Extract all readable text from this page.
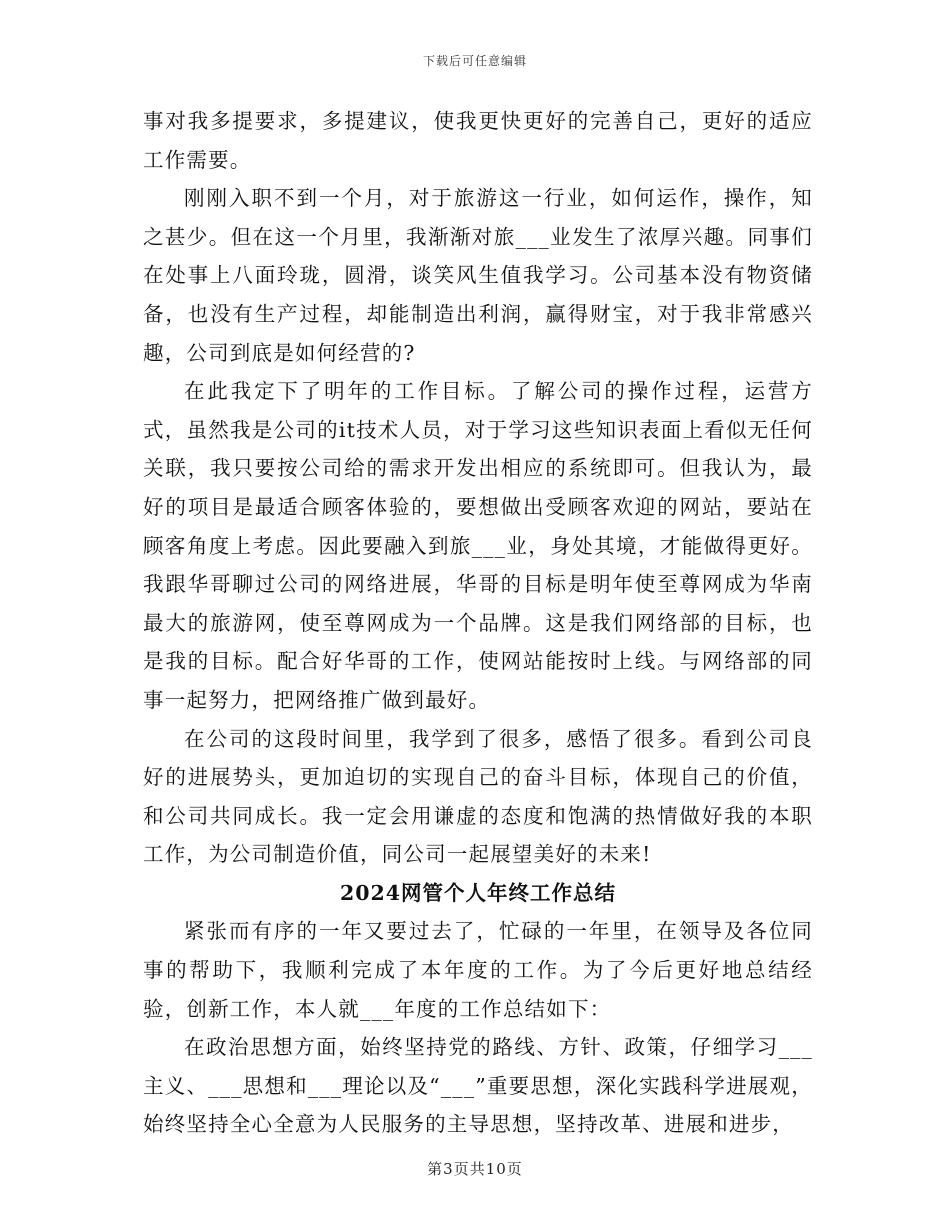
下载后可任意编辑

事对我多提要求，多提建议，使我更快更好的完善自己，更好的适应工作需要。

刚刚入职不到一个月，对于旅游这一行业，如何运作，操作，知之甚少。但在这一个月里，我渐渐对旅___业发生了浓厚兴趣。同事们在处事上八面玲珑，圆滑，谈笑风生值我学习。公司基本没有物资储备，也没有生产过程，却能制造出利润，赢得财宝，对于我非常感兴趣，公司到底是如何经营的?

在此我定下了明年的工作目标。了解公司的操作过程，运营方式，虽然我是公司的it技术人员，对于学习这些知识表面上看似无任何关联，我只要按公司给的需求开发出相应的系统即可。但我认为，最好的项目是最适合顾客体验的，要想做出受顾客欢迎的网站，要站在顾客角度上考虑。因此要融入到旅___业，身处其境，才能做得更好。我跟华哥聊过公司的网络进展，华哥的目标是明年使至尊网成为华南最大的旅游网，使至尊网成为一个品牌。这是我们网络部的目标，也是我的目标。配合好华哥的工作，使网站能按时上线。与网络部的同事一起努力，把网络推广做到最好。

在公司的这段时间里，我学到了很多，感悟了很多。看到公司良好的进展势头，更加迫切的实现自己的奋斗目标，体现自己的价值，和公司共同成长。我一定会用谦虚的态度和饱满的热情做好我的本职工作，为公司制造价值，同公司一起展望美好的未来!

2024网管个人年终工作总结

紧张而有序的一年又要过去了，忙碌的一年里，在领导及各位同事的帮助下，我顺利完成了本年度的工作。为了今后更好地总结经验，创新工作，本人就___年度的工作总结如下：

在政治思想方面，始终坚持党的路线、方针、政策，仔细学习___主义、___思想和___理论以及“___”重要思想，深化实践科学进展观，始终坚持全心全意为人民服务的主导思想，坚持改革、进展和进步，

第3页共10页
